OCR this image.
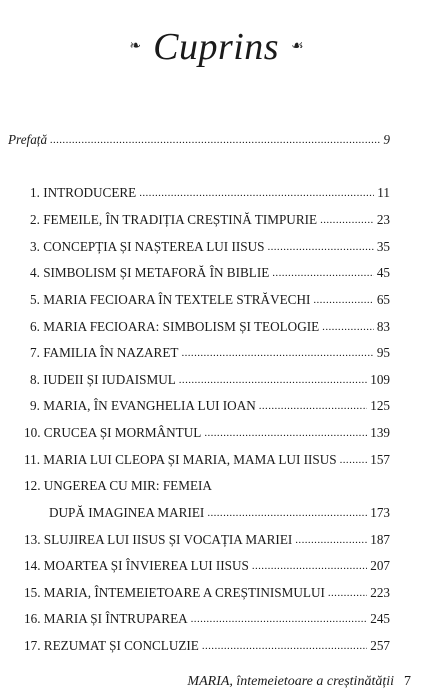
❧ Cuprins ☙
Prefață .....	9
1. INTRODUCERE .....	11
2. FEMEILE, ÎN TRADIȚIA CREȘTINĂ TIMPURIE .....	23
3. CONCEPȚIA ȘI NAȘTEREA LUI IISUS .....	35
4. SIMBOLISM ȘI METAFORĂ ÎN BIBLIE .....	45
5. MARIA FECIOARA ÎN TEXTELE STRĂVECHI .....	65
6. MARIA FECIOARA: SIMBOLISM ȘI TEOLOGIE .....	83
7. FAMILIA ÎN NAZARET .....	95
8. IUDEII ȘI IUDAISMUL .....	109
9. MARIA, ÎN EVANGHELIA LUI IOAN .....	125
10. CRUCEA ȘI MORMÂNTUL .....	139
11. MARIA LUI CLEOPA ȘI MARIA, MAMA LUI IISUS .....	157
12. UNGEREA CU MIR: FEMEIA
DUPĂ IMAGINEA MARIEI .....	173
13. SLUJIREA LUI IISUS ȘI VOCAȚIA MARIEI .....	187
14. MOARTEA ȘI ÎNVIEREA LUI IISUS .....	207
15. MARIA, ÎNTEMEIETOARE A CREȘTINISMULUI .....	223
16. MARIA ȘI ÎNTRUPAREA .....	245
17. REZUMAT ȘI CONCLUZIE .....	257
MARIA, întemeietoare a creștinătății 7
